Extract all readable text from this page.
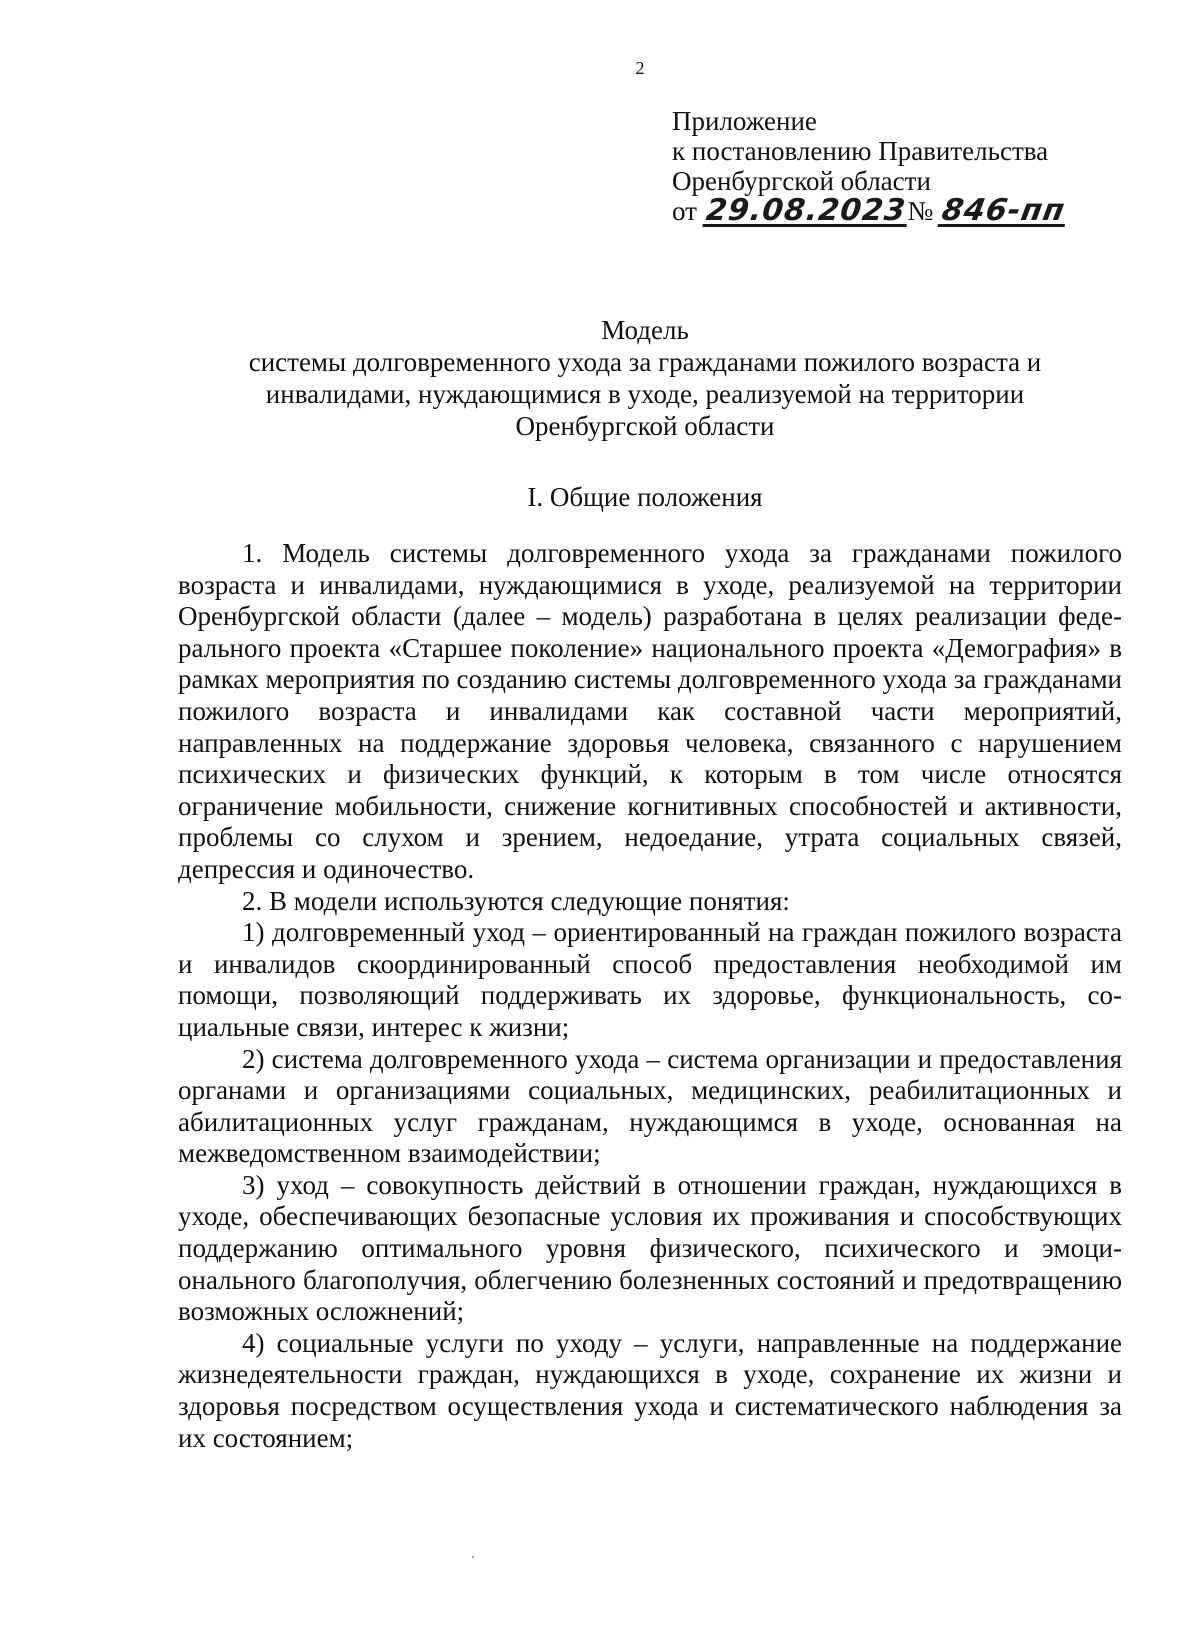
2
Приложение
к постановлению Правительства
Оренбургской области
от 29.08.2023№ 846-пп
Модель
системы долговременного ухода за гражданами пожилого возраста и
инвалидами, нуждающимися в уходе, реализуемой на территории
Оренбургской области
I. Общие положения

1. Модель системы долговременного ухода за гражданами пожилого возраста и инвалидами, нуждающимися в уходе, реализуемой на территории Оренбургской области (далее – модель) разработана в целях реализации федерального проекта «Старшее поколение» национального проекта «Демография» в рамках мероприятия по созданию системы долговременного ухода за гражданами пожилого возраста и инвалидами как составной части мероприятий, направленных на поддержание здоровья человека, связанного с нарушением психических и физических функций, к которым в том числе относятся ограничение мобильности, снижение когнитивных способностей и активности, проблемы со слухом и зрением, недоедание, утрата социальных связей, депрессия и одиночество.

2. В модели используются следующие понятия:

1) долговременный уход – ориентированный на граждан пожилого возраста и инвалидов скоординированный способ предоставления необходимой им помощи, позволяющий поддерживать их здоровье, функциональность, социальные связи, интерес к жизни;

2) система долговременного ухода – система организации и предоставления органами и организациями социальных, медицинских, реабилитационных и абилитационных услуг гражданам, нуждающимся в уходе, основанная на межведомственном взаимодействии;

3) уход – совокупность действий в отношении граждан, нуждающихся в уходе, обеспечивающих безопасные условия их проживания и способствующих поддержанию оптимального уровня физического, психического и эмоционального благополучия, облегчению болезненных состояний и предотвращению возможных осложнений;

4) социальные услуги по уходу – услуги, направленные на поддержание жизнедеятельности граждан, нуждающихся в уходе, сохранение их жизни и здоровья посредством осуществления ухода и систематического наблюдения за их состоянием;
